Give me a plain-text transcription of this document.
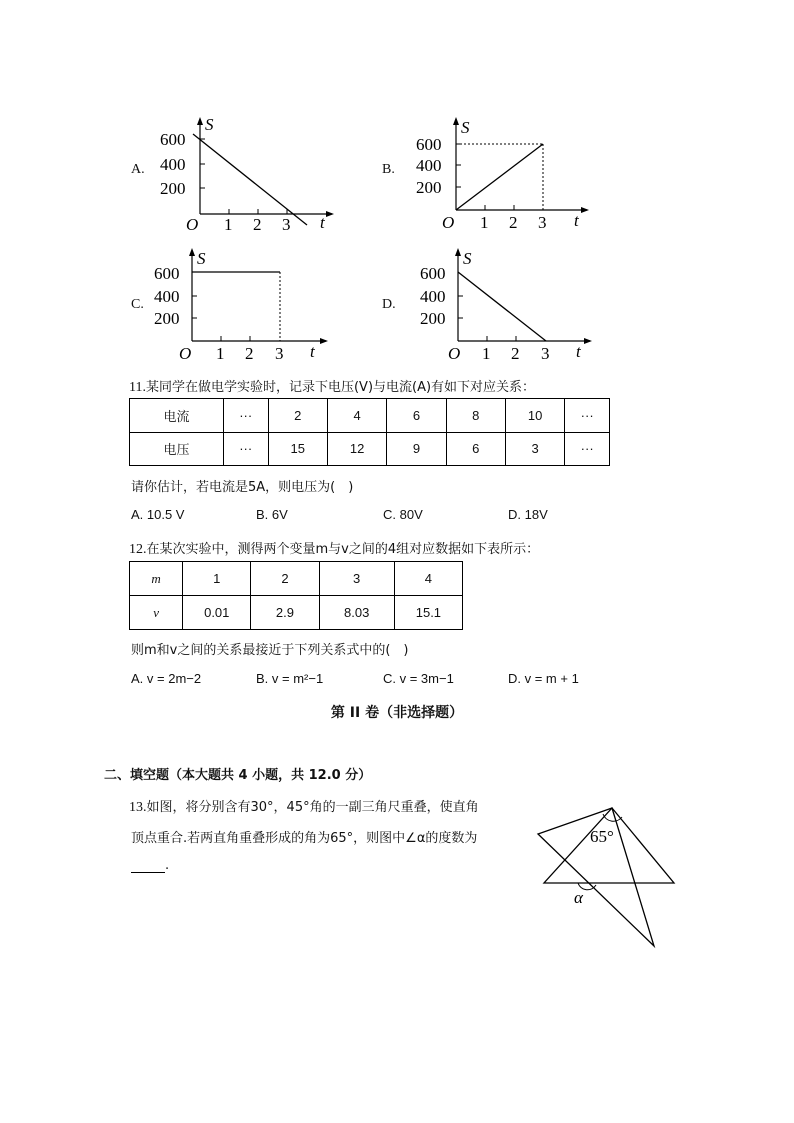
A.
S
600
400
200
O 1 2 3 t
B.
S
600
400
200
O 1 2 3 t
C.
S
600
400
200
O 1 2 3 t
D.
S
600
400
200
O 1 2 3 t
11.某同学在做电学实验时，记录下电压(V)与电流(A)有如下对应关系：
电流	···	2	4	6	8	10	···
电压	···	15	12	9	6	3	···
请你估计，若电流是5A，则电压为(　)
A. 10.5 V	B. 6V	C. 80V	D. 18V
12.在某次实验中，测得两个变量m与v之间的4组对应数据如下表所示：
m	1	2	3	4
v	0.01	2.9	8.03	15.1
则m和v之间的关系最接近于下列关系式中的(　)
A. v = 2m−2	B. v = m²−1	C. v = 3m−1	D. v = m + 1
第 II 卷（非选择题）
二、填空题（本大题共 4 小题，共 12.0 分）
13.如图，将分别含有30°，45°角的一副三角尺重叠，使直角
顶点重合.若两直角重叠形成的角为65°，则图中∠α的度数为
.
65°
α
